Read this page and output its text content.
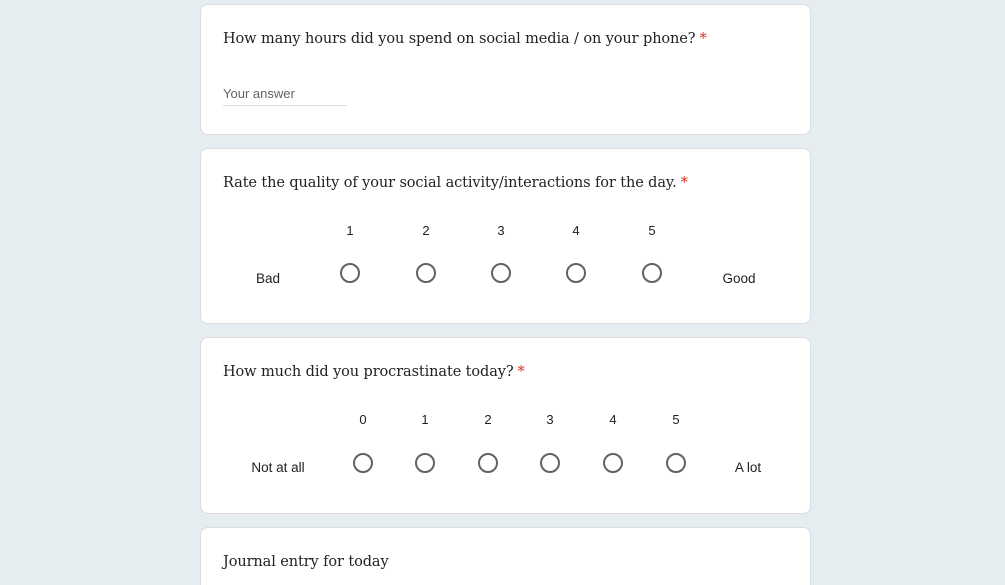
How many hours did you spend on social media / on your phone? *
Your answer
Rate the quality of your social activity/interactions for the day. *
Bad
1	2	3	4	5
Good
How much did you procrastinate today? *
Not at all
0	1	2	3	4	5
A lot
Journal entry for today
